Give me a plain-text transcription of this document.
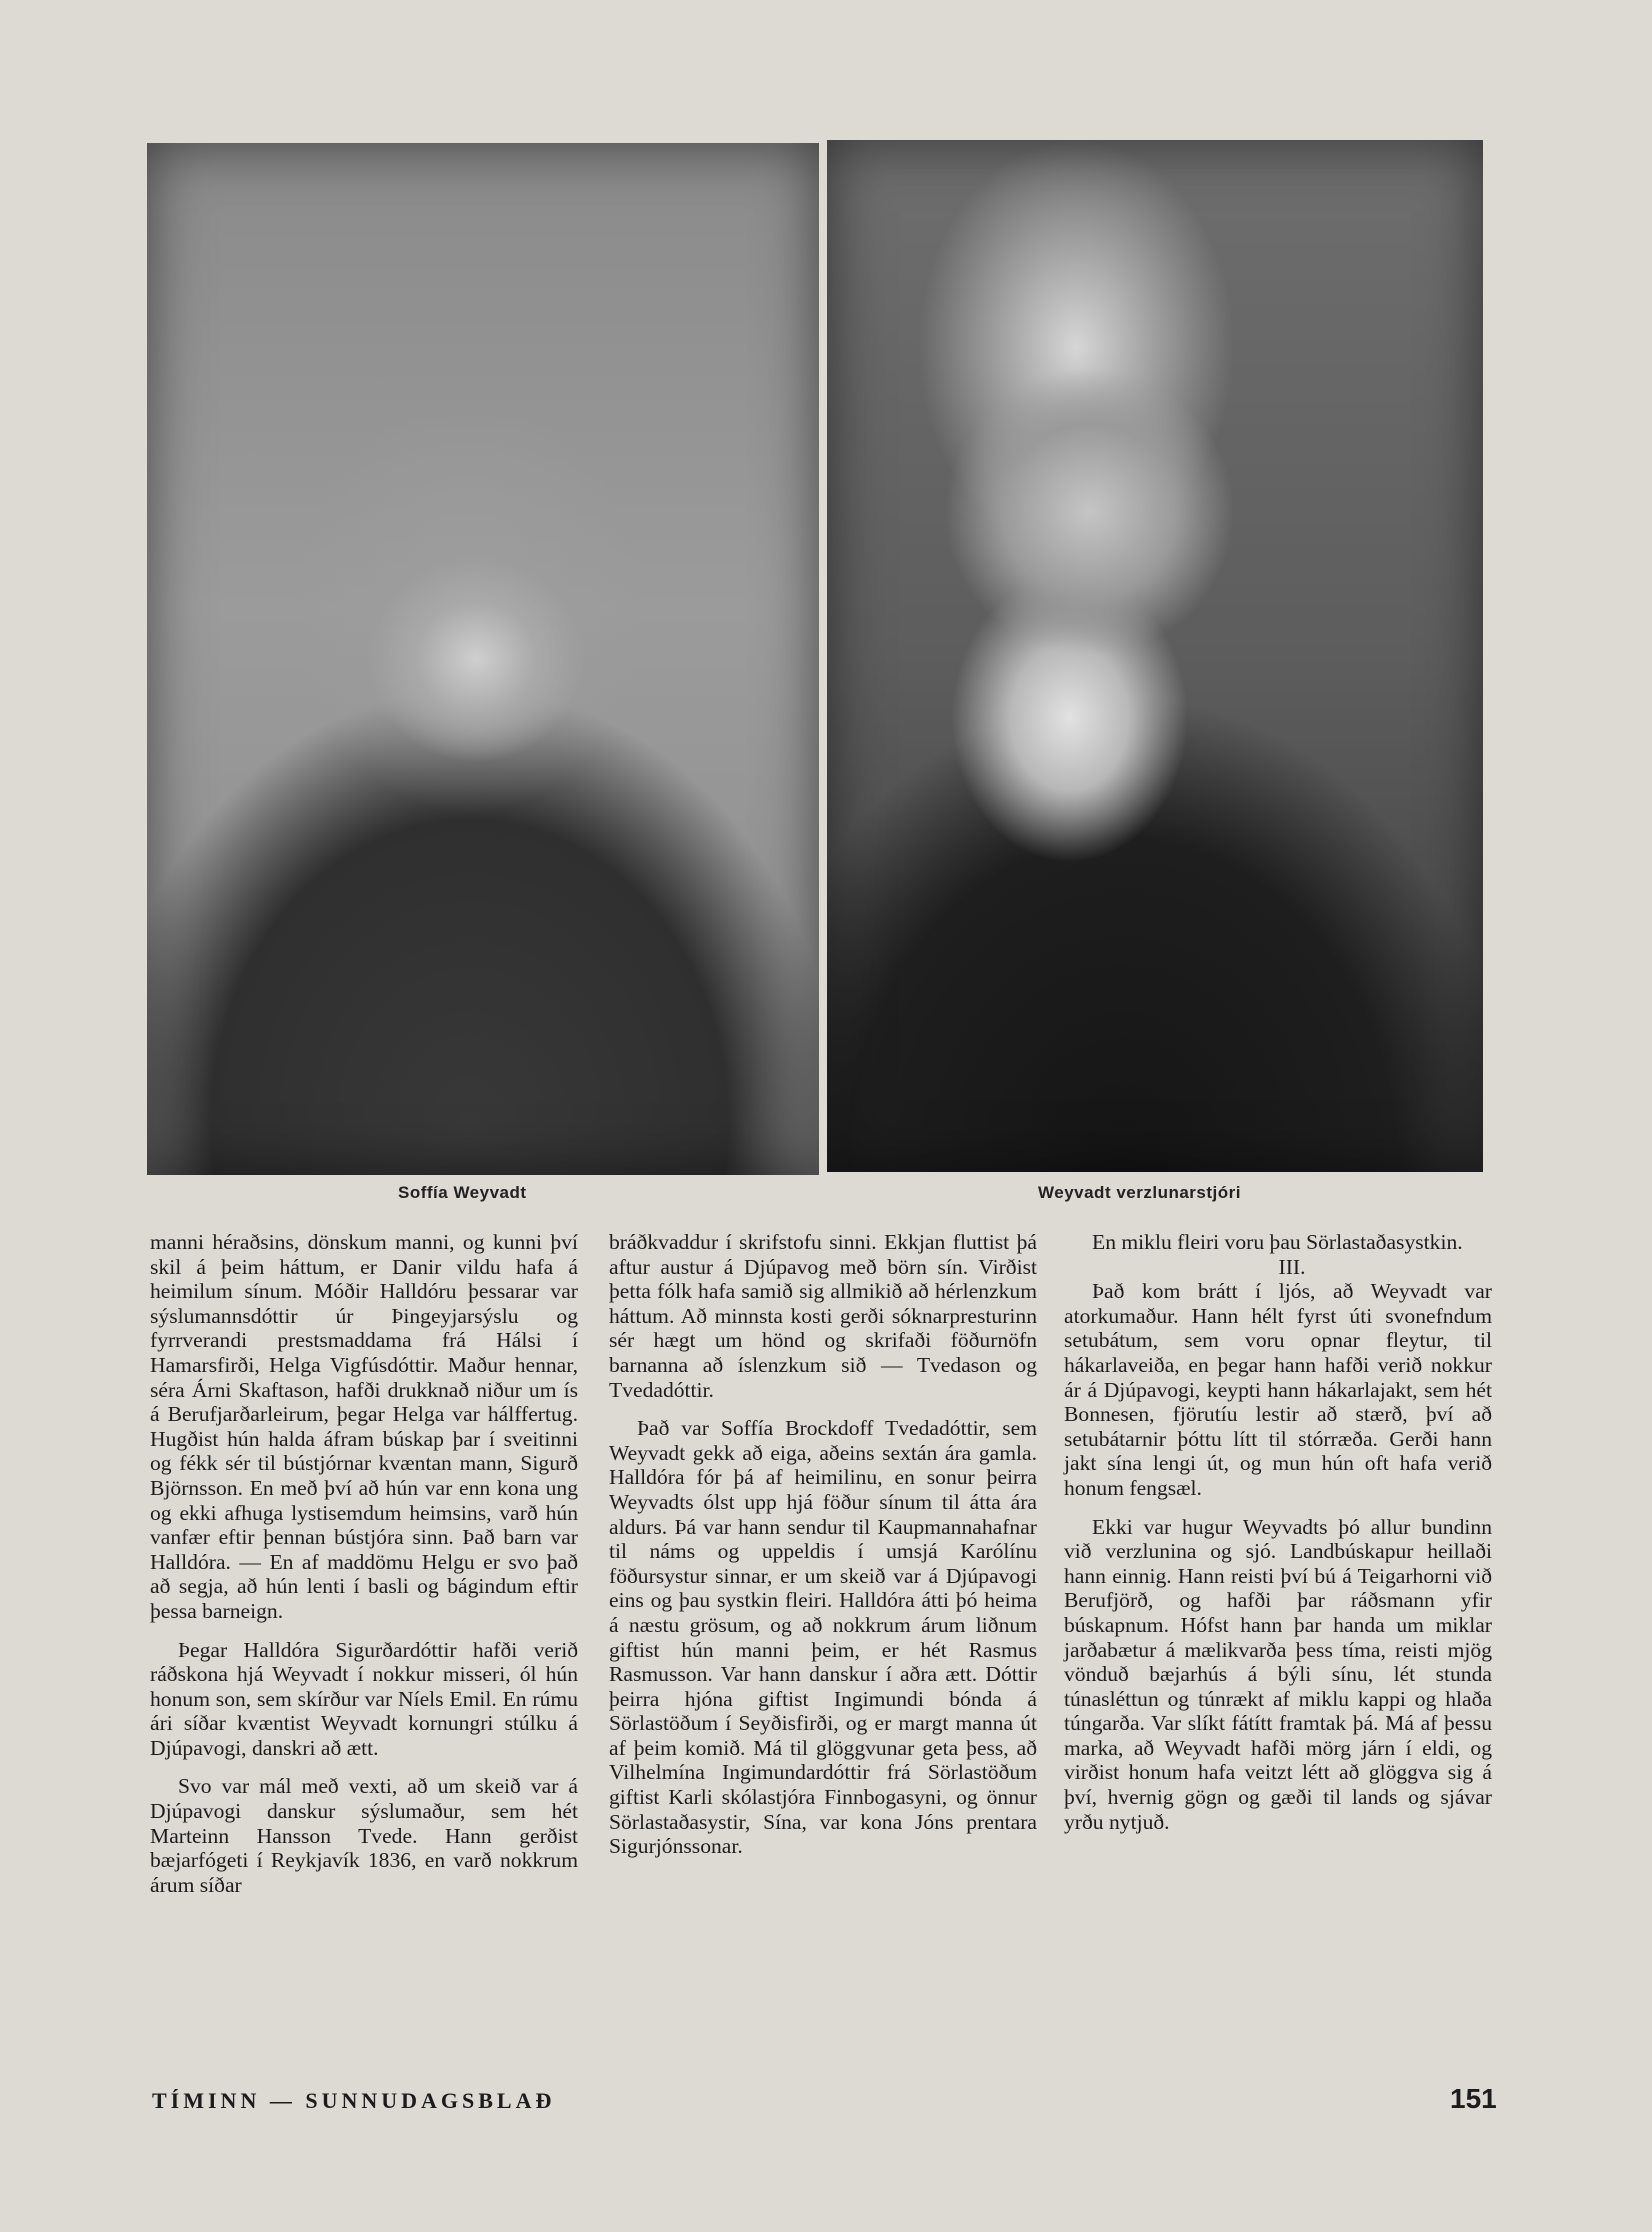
Soffía Weyvadt	Weyvadt verzlunarstjóri

manni héraðsins, dönskum manni, og kunni því skil á þeim háttum, er Danir vildu hafa á heimilum sínum. Móðir Halldóru þessarar var sýslumannsdóttir úr Þingeyjarsýslu og fyrrverandi prestsmaddama frá Hálsi í Hamarsfirði, Helga Vigfúsdóttir. Maður hennar, séra Árni Skaftason, hafði drukknað niður um ís á Berufjarðarleirum, þegar Helga var hálffertug. Hugðist hún halda áfram búskap þar í sveitinni og fékk sér til bústjórnar kvæntan mann, Sigurð Björnsson. En með því að hún var enn kona ung og ekki afhuga lystisemdum heimsins, varð hún vanfær eftir þennan bústjóra sinn. Það barn var Halldóra. — En af maddömu Helgu er svo það að segja, að hún lenti í basli og bágindum eftir þessa barneign.

Þegar Halldóra Sigurðardóttir hafði verið ráðskona hjá Weyvadt í nokkur misseri, ól hún honum son, sem skírður var Níels Emil. En rúmu ári síðar kvæntist Weyvadt kornungri stúlku á Djúpavogi, danskri að ætt.

Svo var mál með vexti, að um skeið var á Djúpavogi danskur sýslumaður, sem hét Marteinn Hansson Tvede. Hann gerðist bæjarfógeti í Reykjavík 1836, en varð nokkrum árum síðar

bráðkvaddur í skrifstofu sinni. Ekkjan fluttist þá aftur austur á Djúpavog með börn sín. Virðist þetta fólk hafa samið sig allmikið að hérlenzkum háttum. Að minnsta kosti gerði sóknarpresturinn sér hægt um hönd og skrifaði föðurnöfn barnanna að íslenzkum sið — Tvedason og Tvedadóttir.

Það var Soffía Brockdoff Tvedadóttir, sem Weyvadt gekk að eiga, aðeins sextán ára gamla. Halldóra fór þá af heimilinu, en sonur þeirra Weyvadts ólst upp hjá föður sínum til átta ára aldurs. Þá var hann sendur til Kaupmannahafnar til náms og uppeldis í umsjá Karólínu föðursystur sinnar, er um skeið var á Djúpavogi eins og þau systkin fleiri. Halldóra átti þó heima á næstu grösum, og að nokkrum árum liðnum giftist hún manni þeim, er hét Rasmus Rasmusson. Var hann danskur í aðra ætt. Dóttir þeirra hjóna giftist Ingimundi bónda á Sörlastöðum í Seyðisfirði, og er margt manna út af þeim komið. Má til glöggvunar geta þess, að Vilhelmína Ingimundardóttir frá Sörlastöðum giftist Karli skólastjóra Finnbogasyni, og önnur Sörlastaðasystir, Sína, var kona Jóns prentara Sigurjónssonar.

En miklu fleiri voru þau Sörlastaðasystkin.

III.

Það kom brátt í ljós, að Weyvadt var atorkumaður. Hann hélt fyrst úti svonefndum setubátum, sem voru opnar fleytur, til hákarlaveiða, en þegar hann hafði verið nokkur ár á Djúpavogi, keypti hann hákarlajakt, sem hét Bonnesen, fjörutíu lestir að stærð, því að setubátarnir þóttu lítt til stórræða. Gerði hann jakt sína lengi út, og mun hún oft hafa verið honum fengsæl.

Ekki var hugur Weyvadts þó allur bundinn við verzlunina og sjó. Landbúskapur heillaði hann einnig. Hann reisti því bú á Teigarhorni við Berufjörð, og hafði þar ráðsmann yfir búskapnum. Hófst hann þar handa um miklar jarðabætur á mælikvarða þess tíma, reisti mjög vönduð bæjarhús á býli sínu, lét stunda túnasléttun og túnrækt af miklu kappi og hlaða túngarða. Var slíkt fátítt framtak þá. Má af þessu marka, að Weyvadt hafði mörg járn í eldi, og virðist honum hafa veitzt létt að glöggva sig á því, hvernig gögn og gæði til lands og sjávar yrðu nytjuð.

TÍMINN — SUNNUDAGSBLAÐ	151
